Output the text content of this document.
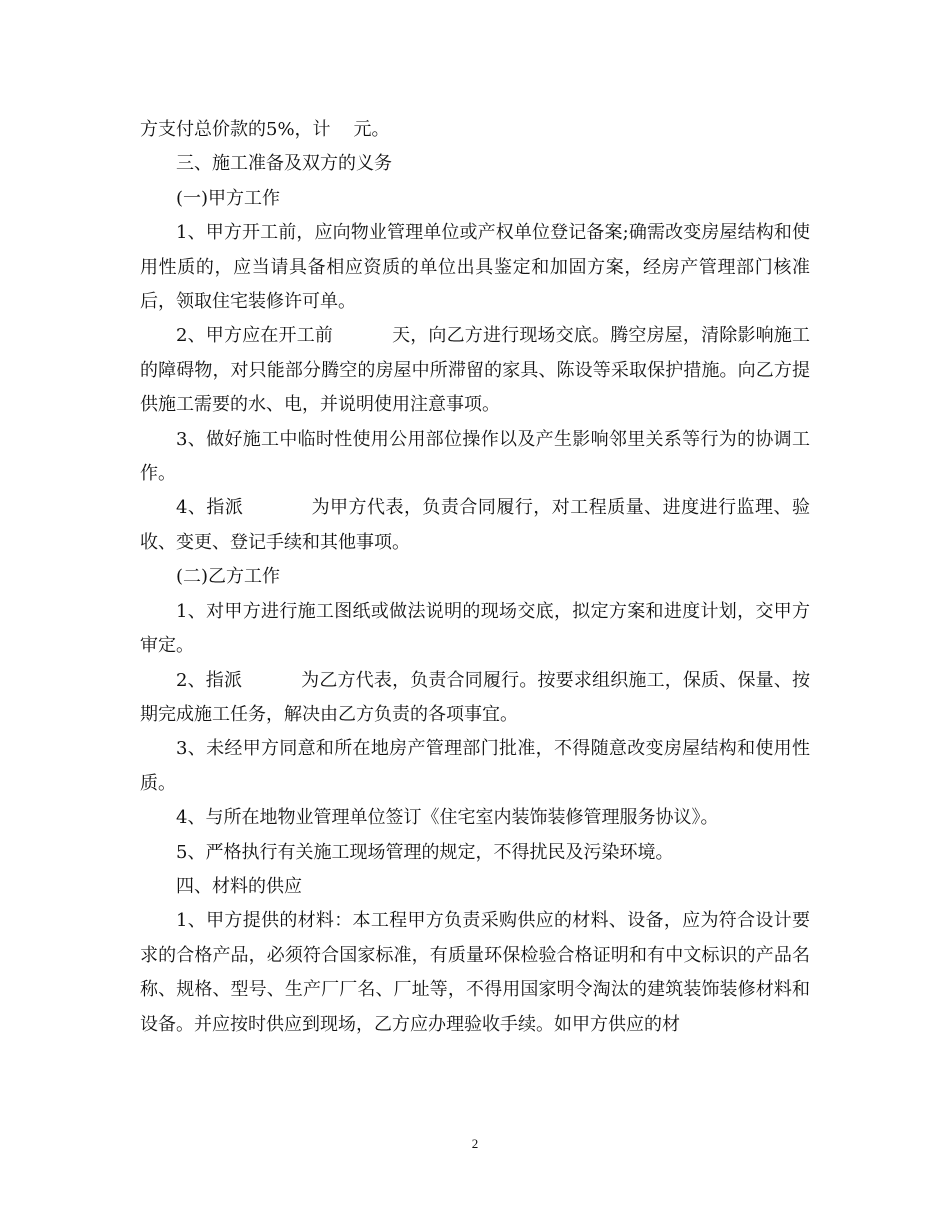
方支付总价款的5%，计    元。

三、施工准备及双方的义务

(一)甲方工作

1、甲方开工前，应向物业管理单位或产权单位登记备案;确需改变房屋结构和使用性质的，应当请具备相应资质的单位出具鉴定和加固方案，经房产管理部门核准后，领取住宅装修许可单。

2、甲方应在开工前          天，向乙方进行现场交底。腾空房屋，清除影响施工的障碍物，对只能部分腾空的房屋中所滞留的家具、陈设等采取保护措施。向乙方提供施工需要的水、电，并说明使用注意事项。

3、做好施工中临时性使用公用部位操作以及产生影响邻里关系等行为的协调工作。

4、指派           为甲方代表，负责合同履行，对工程质量、进度进行监理、验收、变更、登记手续和其他事项。

(二)乙方工作

1、对甲方进行施工图纸或做法说明的现场交底，拟定方案和进度计划，交甲方审定。

2、指派          为乙方代表，负责合同履行。按要求组织施工，保质、保量、按期完成施工任务，解决由乙方负责的各项事宜。

3、未经甲方同意和所在地房产管理部门批准，不得随意改变房屋结构和使用性质。

4、与所在地物业管理单位签订《住宅室内装饰装修管理服务协议》。

5、严格执行有关施工现场管理的规定，不得扰民及污染环境。

四、材料的供应

1、甲方提供的材料：本工程甲方负责采购供应的材料、设备，应为符合设计要求的合格产品，必须符合国家标准，有质量环保检验合格证明和有中文标识的产品名称、规格、型号、生产厂厂名、厂址等，不得用国家明令淘汰的建筑装饰装修材料和设备。并应按时供应到现场，乙方应办理验收手续。如甲方供应的材

2
